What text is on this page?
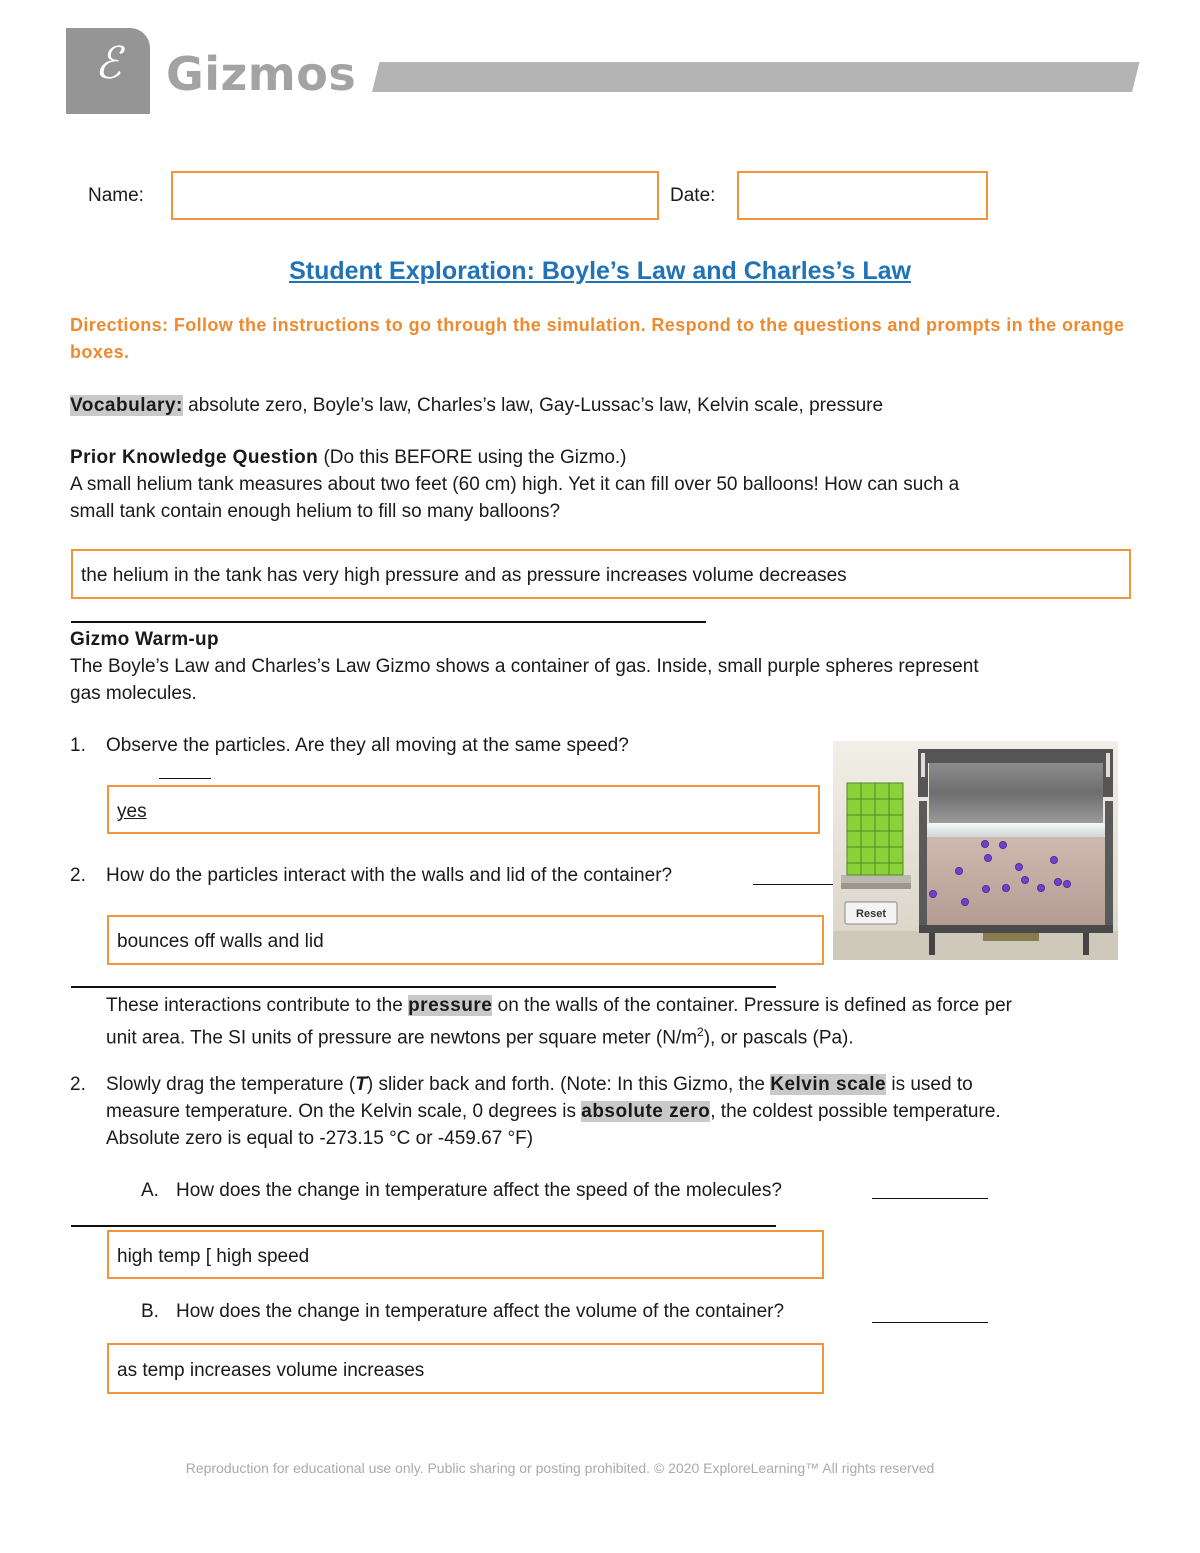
ℰ Gizmos
Name:	Date:
Student Exploration: Boyle’s Law and Charles’s Law
Directions: Follow the instructions to go through the simulation. Respond to the questions and prompts in the orange boxes.
Vocabulary: absolute zero, Boyle’s law, Charles’s law, Gay-Lussac’s law, Kelvin scale, pressure
Prior Knowledge Question (Do this BEFORE using the Gizmo.)
A small helium tank measures about two feet (60 cm) high. Yet it can fill over 50 balloons! How can such a
small tank contain enough helium to fill so many balloons?
the helium in the tank has very high pressure and as pressure increases volume decreases
Gizmo Warm-up
The Boyle’s Law and Charles’s Law Gizmo shows a container of gas. Inside, small purple spheres represent
gas molecules.
1. Observe the particles. Are they all moving at the same speed?
yes
2. How do the particles interact with the walls and lid of the container?
bounces off walls and lid
Reset
These interactions contribute to the pressure on the walls of the container. Pressure is defined as force per
unit area. The SI units of pressure are newtons per square meter $(N/m^2)$, or pascals (Pa).
2. Slowly drag the temperature (T) slider back and forth. (Note: In this Gizmo, the Kelvin scale is used to
measure temperature. On the Kelvin scale, 0 degrees is absolute zero, the coldest possible temperature.
Absolute zero is equal to -273.15 °C or -459.67 °F)
A. How does the change in temperature affect the speed of the molecules?
high temp [ high speed
B. How does the change in temperature affect the volume of the container?
as temp increases volume increases
Reproduction for educational use only. Public sharing or posting prohibited. © 2020 ExploreLearning™ All rights reserved
